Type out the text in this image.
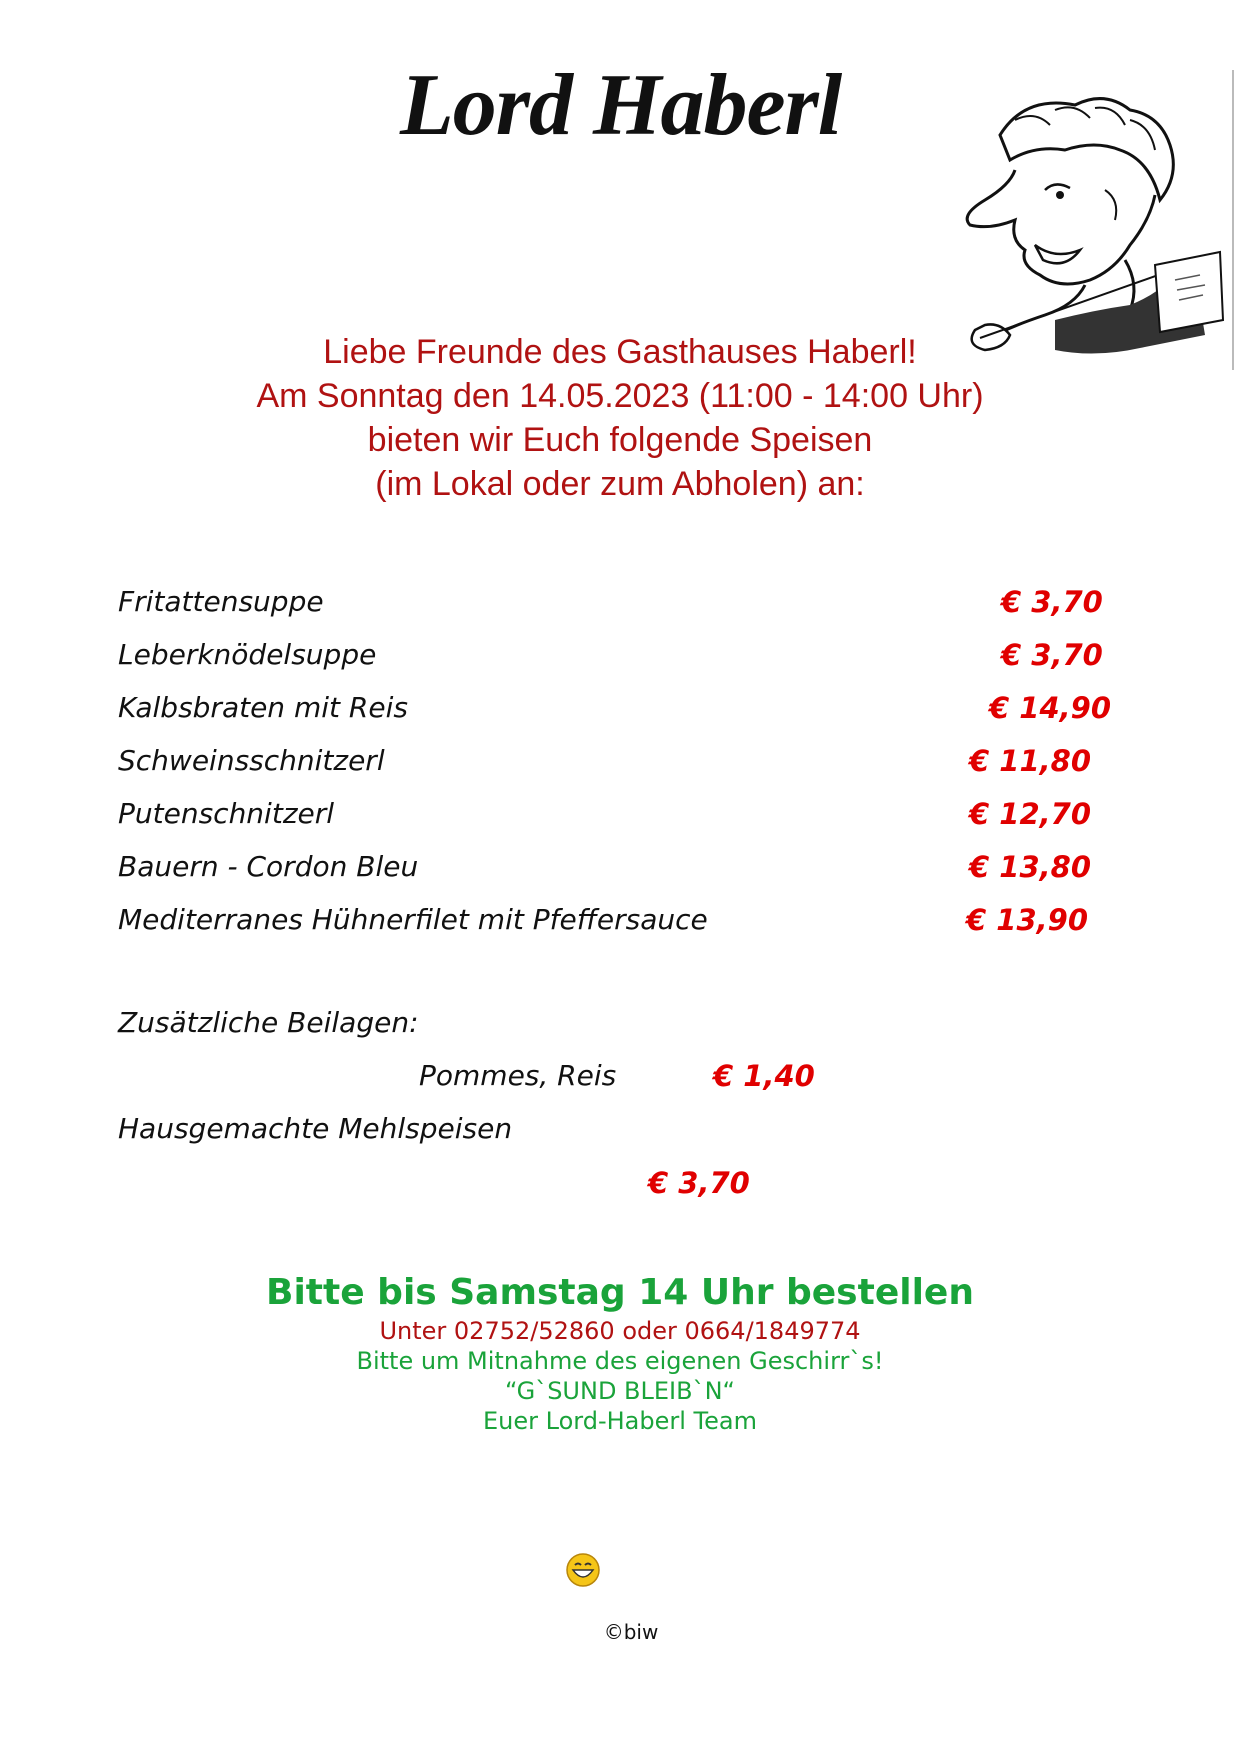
Lord Haberl
Liebe Freunde des Gasthauses Haberl!
Am Sonntag den 14.05.2023 (11:00 - 14:00 Uhr)
bieten wir Euch folgende Speisen
(im Lokal oder zum Abholen) an:
Fritattensuppe	€ 3,70
Leberknödelsuppe	€ 3,70
Kalbsbraten mit Reis	€ 14,90
Schweinsschnitzerl	€ 11,80
Putenschnitzerl	€ 12,70
Bauern - Cordon Bleu	€ 13,80
Mediterranes Hühnerfilet mit Pfeffersauce	€ 13,90
Zusätzliche Beilagen:
Pommes, Reis	€ 1,40
Hausgemachte Mehlspeisen
€ 3,70
Bitte bis Samstag 14 Uhr bestellen
Unter 02752/52860 oder 0664/1849774
Bitte um Mitnahme des eigenen Geschirr`s!
“G`SUND BLEIB`N“
Euer Lord-Haberl Team
©biw
